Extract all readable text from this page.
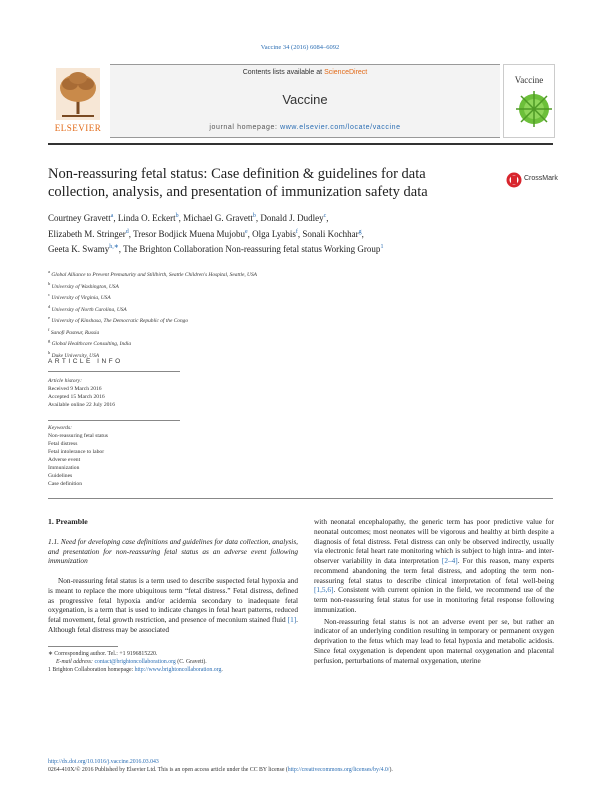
Vaccine 34 (2016) 6084–6092
Contents lists available at ScienceDirect
Vaccine
journal homepage: www.elsevier.com/locate/vaccine
ELSEVIER
Vaccine
Non-reassuring fetal status: Case definition & guidelines for data collection, analysis, and presentation of immunization safety data
CrossMark
Courtney Gravett$^a$, Linda O. Eckert$^b$, Michael G. Gravett$^b$, Donald J. Dudley$^c$,
Elizabeth M. Stringer$^d$, Tresor Bodjick Muena Mujobu$^e$, Olga Lyabis$^f$, Sonali Kochhar$^g$,
Geeta K. Swamy$^{h,∗}$, The Brighton Collaboration Non-reassuring fetal status Working Group$^1$
$^a$ Global Alliance to Prevent Prematurity and Stillbirth, Seattle Children's Hospital, Seattle, USA
$^b$ University of Washington, USA
$^c$ University of Virginia, USA
$^d$ University of North Carolina, USA
$^e$ University of Kinshasa, The Democratic Republic of the Congo
$^f$ Sanofi Pasteur, Russia
$^g$ Global Healthcare Consulting, India
$^h$ Duke University, USA
ARTICLE INFO
Article history:
Received 9 March 2016
Accepted 15 March 2016
Available online 22 July 2016
Keywords:
Non-reassuring fetal status
Fetal distress
Fetal intolerance to labor
Adverse event
Immunization
Guidelines
Case definition

1. Preamble

1.1. Need for developing case definitions and guidelines for data collection, analysis, and presentation for non-reassuring fetal status as an adverse event following immunization

Non-reassuring fetal status is a term used to describe suspected fetal hypoxia and is meant to replace the more ubiquitous term “fetal distress.” Fetal distress, defined as progressive fetal hypoxia and/or acidemia secondary to inadequate fetal oxygenation, is a term that is used to indicate changes in fetal heart patterns, reduced fetal movement, fetal growth restriction, and presence of meconium stained fluid [1]. Although fetal distress may be associated

with neonatal encephalopathy, the generic term has poor predictive value for neonatal outcomes; most neonates will be vigorous and healthy at birth despite a diagnosis of fetal distress. Fetal distress can only be observed indirectly, usually via electronic fetal heart rate monitoring which is subject to high intra- and inter-observer variability in data interpretation [2–4]. For this reason, many experts recommend abandoning the term fetal distress, and adopting the term non-reassuring fetal status to describe clinical interpretation of fetal well-being [1,5,6]. Consistent with current opinion in the field, we recommend use of the term non-reassuring fetal status for use in monitoring fetal response following immunization.

Non-reassuring fetal status is not an adverse event per se, but rather an indicator of an underlying condition resulting in temporary or permanent oxygen deprivation to the fetus which may lead to fetal hypoxia and metabolic acidosis. Since fetal oxygenation is dependent upon maternal oxygenation and placental perfusion, perturbations of maternal oxygenation, uterine

∗ Corresponding author. Tel.: +1 9196815220.
E-mail address: contact@brightoncollaboration.org (C. Gravett).
1 Brighton Collaboration homepage: http://www.brightoncollaboration.org.
http://dx.doi.org/10.1016/j.vaccine.2016.03.043
0264-410X/© 2016 Published by Elsevier Ltd. This is an open access article under the CC BY license (http://creativecommons.org/licenses/by/4.0/).
